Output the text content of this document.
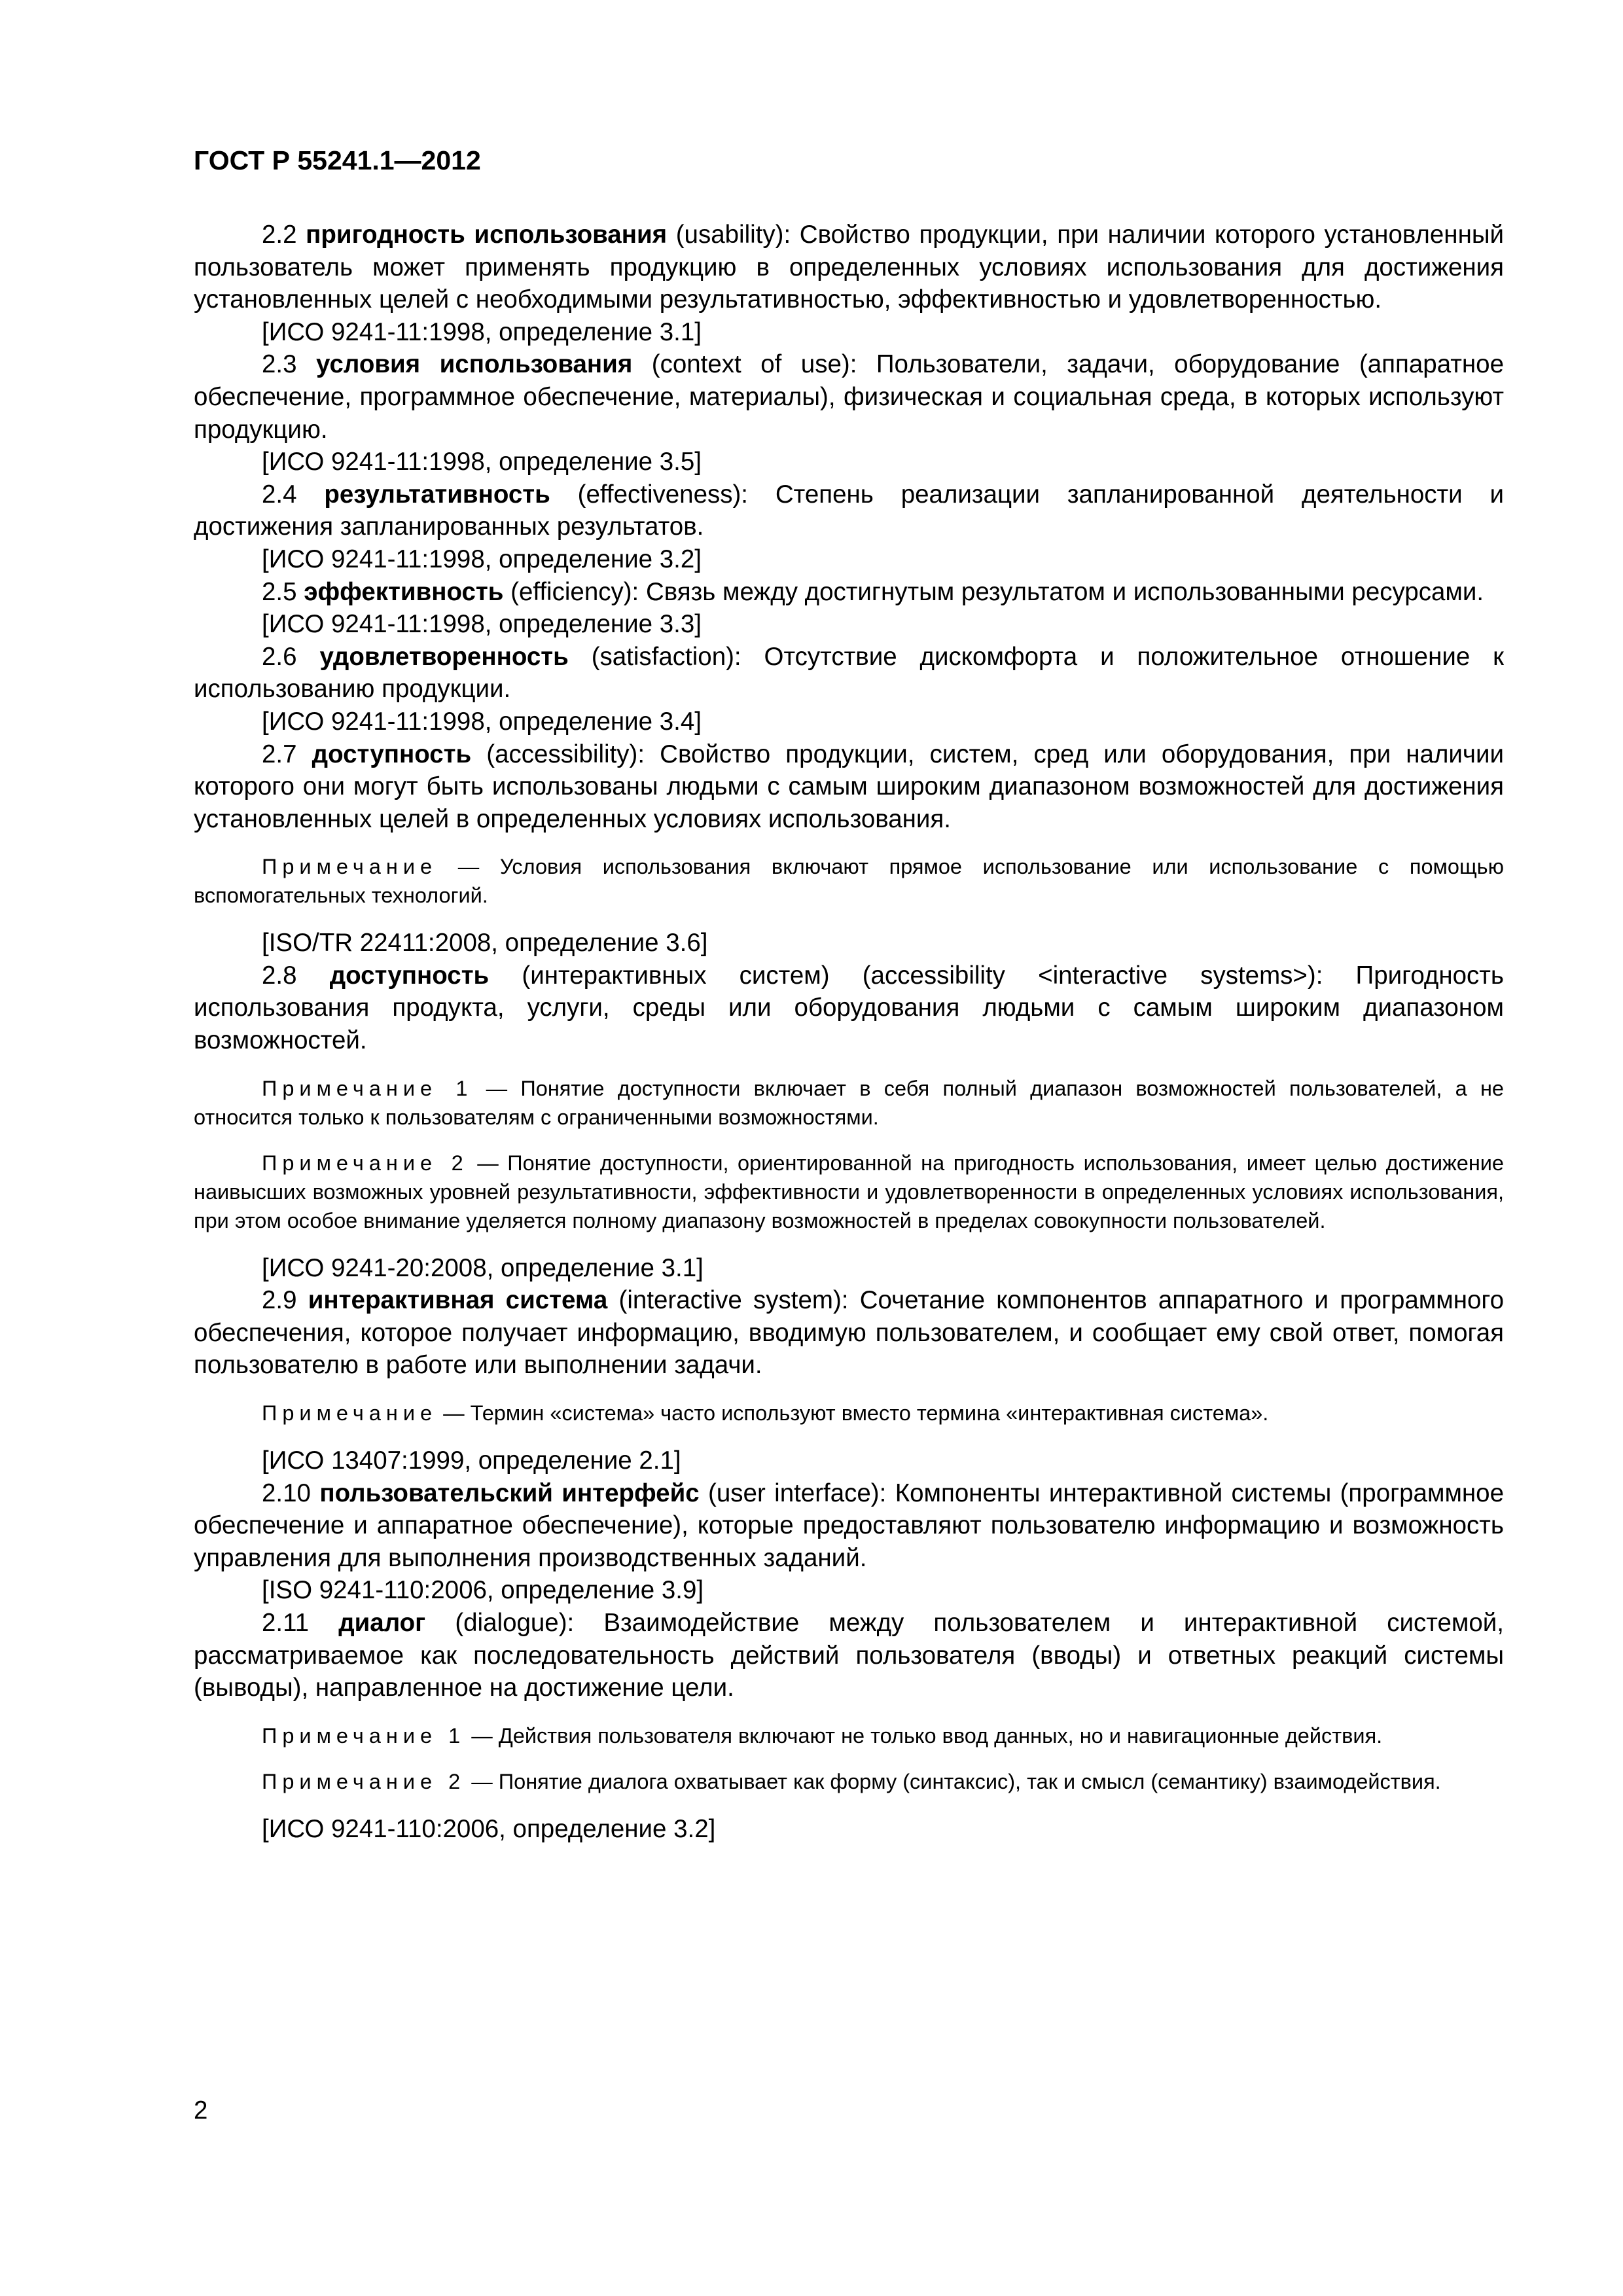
ГОСТ Р 55241.1—2012

2.2 пригодность использования (usability): Свойство продукции, при наличии которого установленный пользователь может применять продукцию в определенных условиях использования для достижения установленных целей с необходимыми результативностью, эффективностью и удовлетворенностью.

[ИСО 9241-11:1998, определение 3.1]

2.3 условия использования (context of use): Пользователи, задачи, оборудование (аппаратное обеспечение, программное обеспечение, материалы), физическая и социальная среда, в которых используют продукцию.

[ИСО 9241-11:1998, определение 3.5]

2.4 результативность (effectiveness): Степень реализации запланированной деятельности и достижения запланированных результатов.

[ИСО 9241-11:1998, определение 3.2]

2.5 эффективность (efficiency): Связь между достигнутым результатом и использованными ресурсами.

[ИСО 9241-11:1998, определение 3.3]

2.6 удовлетворенность (satisfaction): Отсутствие дискомфорта и положительное отношение к использованию продукции.

[ИСО 9241-11:1998, определение 3.4]

2.7 доступность (accessibility): Свойство продукции, систем, сред или оборудования, при наличии которого они могут быть использованы людьми с самым широким диапазоном возможностей для достижения установленных целей в определенных условиях использования.

Примечание — Условия использования включают прямое использование или использование с помощью вспомогательных технологий.

[ISO/TR 22411:2008, определение 3.6]

2.8 доступность (интерактивных систем) (accessibility <interactive systems>): Пригодность использования продукта, услуги, среды или оборудования людьми с самым широким диапазоном возможностей.

Примечание 1 — Понятие доступности включает в себя полный диапазон возможностей пользователей, а не относится только к пользователям с ограниченными возможностями.

Примечание 2 — Понятие доступности, ориентированной на пригодность использования, имеет целью достижение наивысших возможных уровней результативности, эффективности и удовлетворенности в определенных условиях использования, при этом особое внимание уделяется полному диапазону возможностей в пределах совокупности пользователей.

[ИСО 9241-20:2008, определение 3.1]

2.9 интерактивная система (interactive system): Сочетание компонентов аппаратного и программного обеспечения, которое получает информацию, вводимую пользователем, и сообщает ему свой ответ, помогая пользователю в работе или выполнении задачи.

Примечание — Термин «система» часто используют вместо термина «интерактивная система».

[ИСО 13407:1999, определение 2.1]

2.10 пользовательский интерфейс (user interface): Компоненты интерактивной системы (программное обеспечение и аппаратное обеспечение), которые предоставляют пользователю информацию и возможность управления для выполнения производственных заданий.

[ISO 9241-110:2006, определение 3.9]

2.11 диалог (dialogue): Взаимодействие между пользователем и интерактивной системой, рассматриваемое как последовательность действий пользователя (вводы) и ответных реакций системы (выводы), направленное на достижение цели.

Примечание 1 — Действия пользователя включают не только ввод данных, но и навигационные действия.

Примечание 2 — Понятие диалога охватывает как форму (синтаксис), так и смысл (семантику) взаимодействия.

[ИСО 9241-110:2006, определение 3.2]

2
